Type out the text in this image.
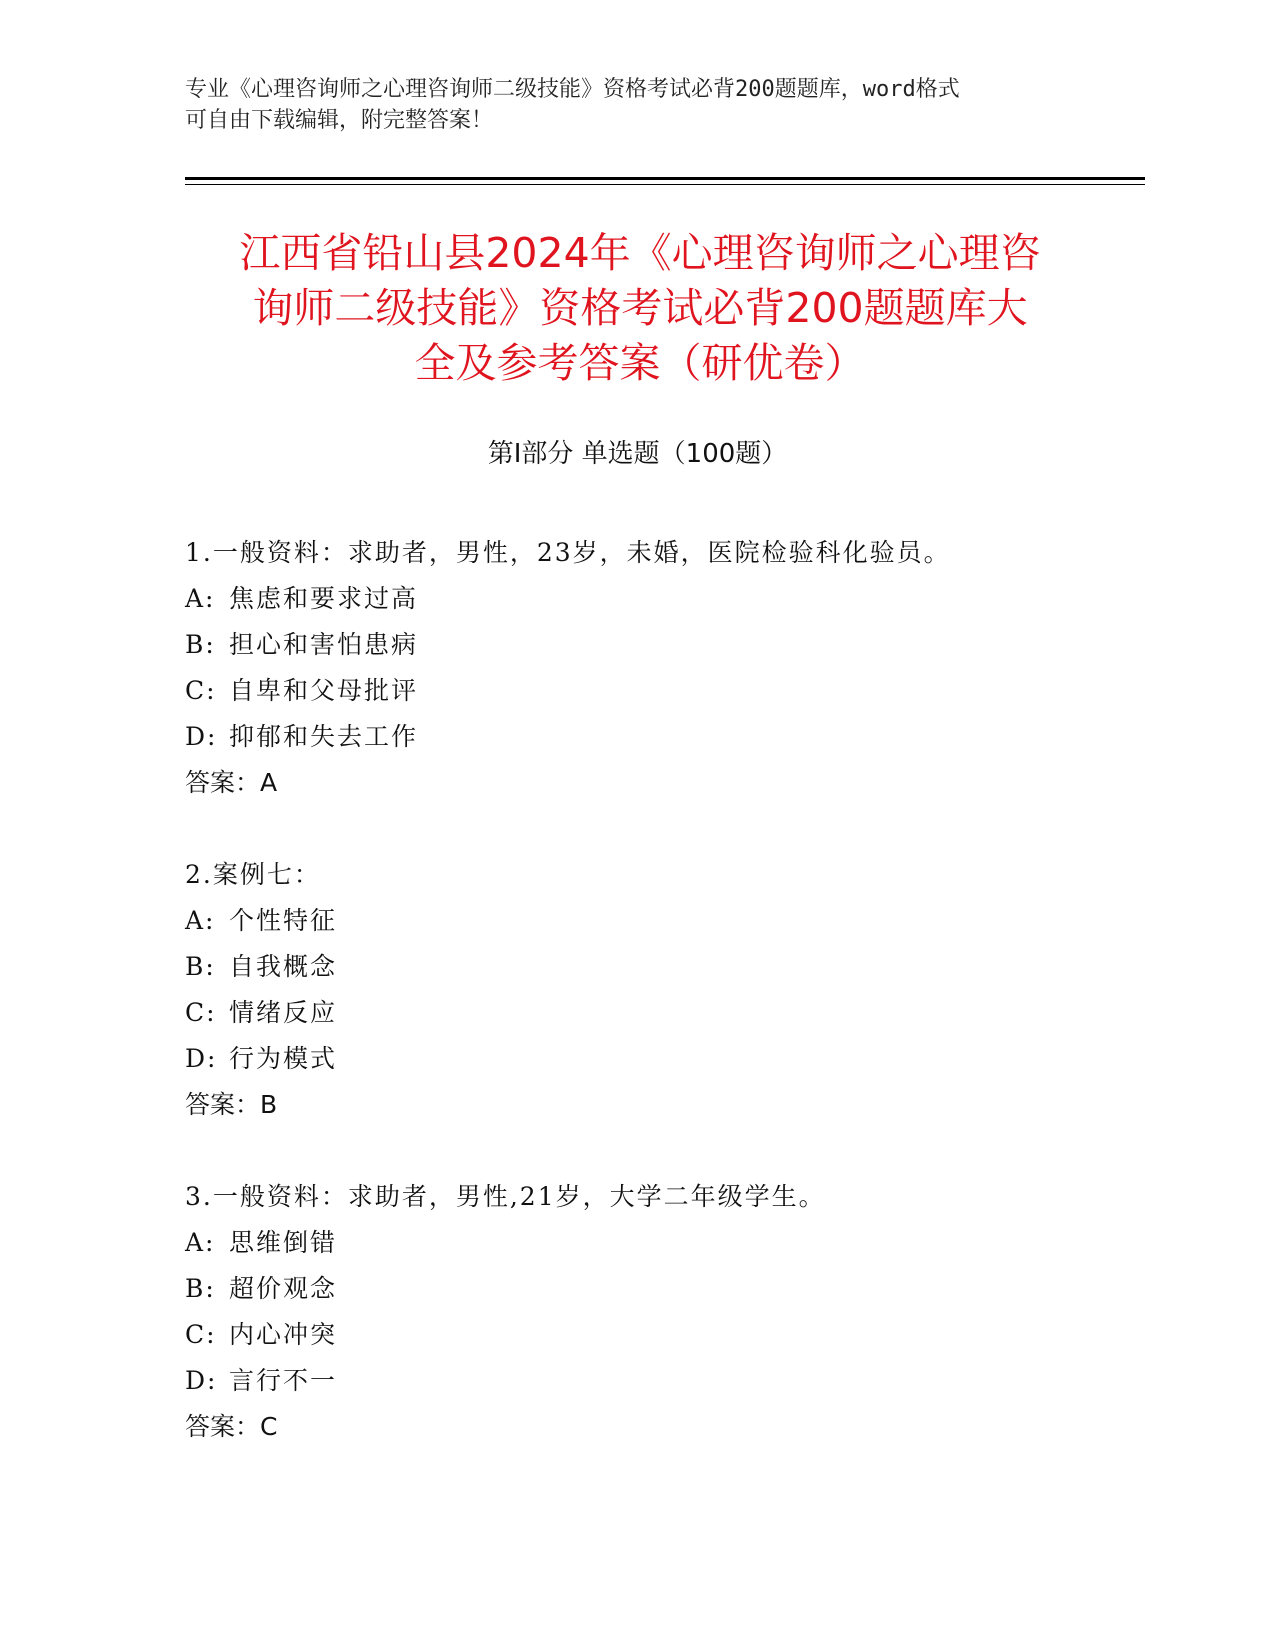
专业《心理咨询师之心理咨询师二级技能》资格考试必背200题题库，word格式
可自由下载编辑，附完整答案！
江西省铅山县2024年《心理咨询师之心理咨
询师二级技能》资格考试必背200题题库大
全及参考答案（研优卷）
第Ⅰ部分 单选题（100题）
1.一般资料：求助者，男性，23岁，未婚，医院检验科化验员。
A: 焦虑和要求过高
B: 担心和害怕患病
C: 自卑和父母批评
D: 抑郁和失去工作
答案：A
2.案例七：
A: 个性特征
B: 自我概念
C: 情绪反应
D: 行为模式
答案：B
3.一般资料：求助者，男性,21岁，大学二年级学生。
A: 思维倒错
B: 超价观念
C: 内心冲突
D: 言行不一
答案：C
